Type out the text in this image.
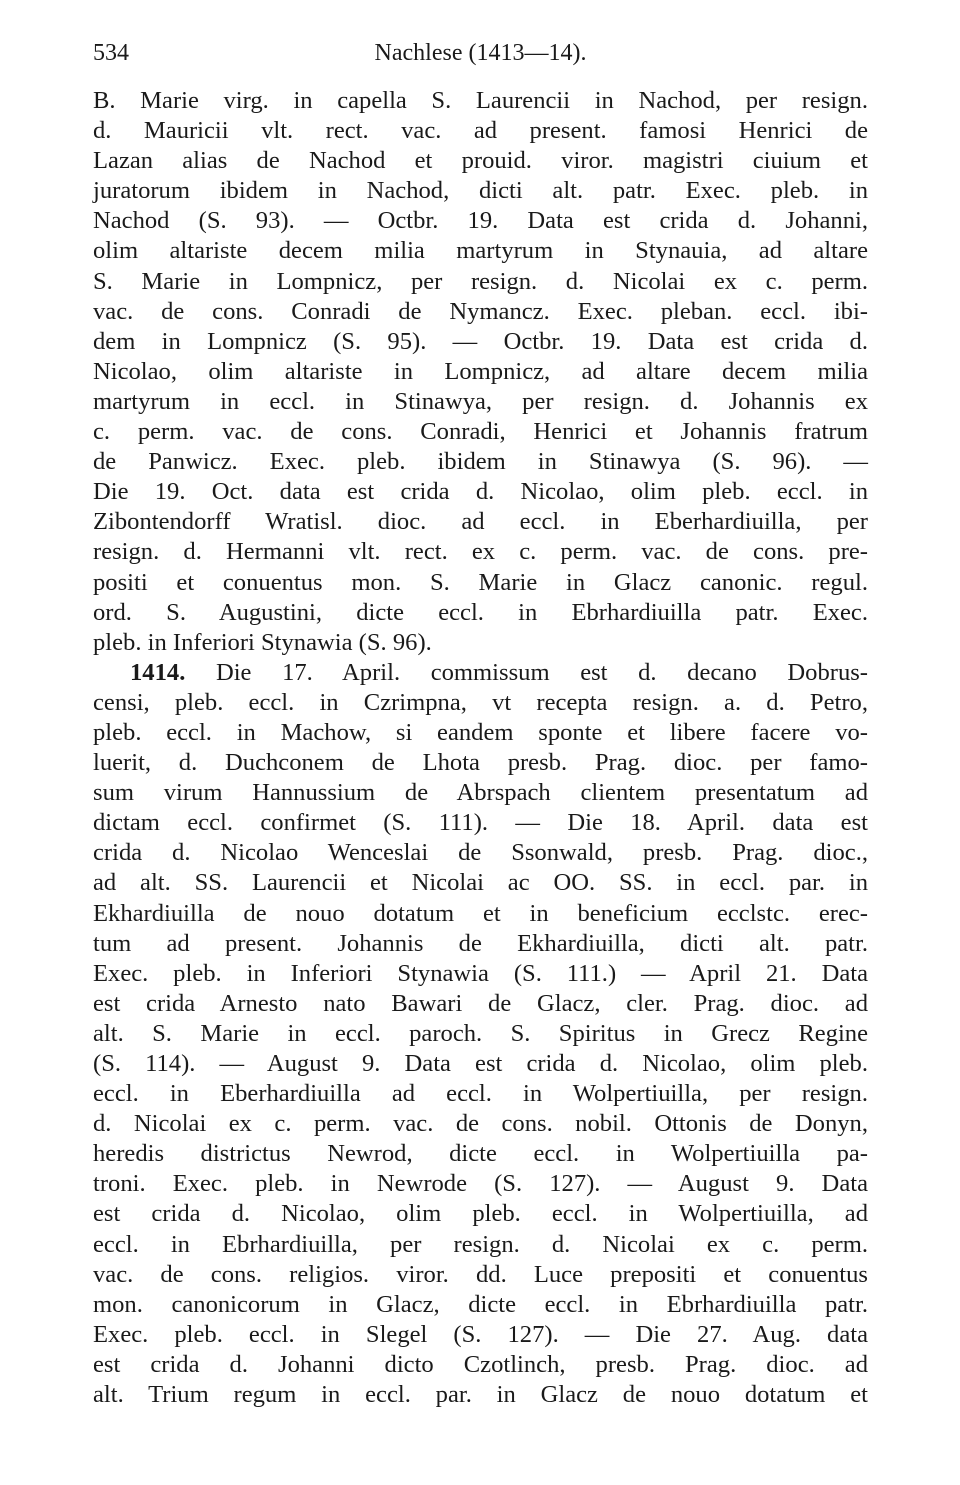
534	Nachlese (1413—14).
B. Marie virg. in capella S. Laurencii in Nachod, per resign.
d. Mauricii vlt. rect. vac. ad present. famosi Henrici de
Lazan alias de Nachod et prouid. viror. magistri ciuium et
juratorum ibidem in Nachod, dicti alt. patr. Exec. pleb. in
Nachod (S. 93). — Octbr. 19. Data est crida d. Johanni,
olim altariste decem milia martyrum in Stynauia, ad altare
S. Marie in Lompnicz, per resign. d. Nicolai ex c. perm.
vac. de cons. Conradi de Nymancz. Exec. pleban. eccl. ibi-
dem in Lompnicz (S. 95). — Octbr. 19. Data est crida d.
Nicolao, olim altariste in Lompnicz, ad altare decem milia
martyrum in eccl. in Stinawya, per resign. d. Johannis ex
c. perm. vac. de cons. Conradi, Henrici et Johannis fratrum
de Panwicz. Exec. pleb. ibidem in Stinawya (S. 96). —
Die 19. Oct. data est crida d. Nicolao, olim pleb. eccl. in
Zibontendorff Wratisl. dioc. ad eccl. in Eberhardiuilla, per
resign. d. Hermanni vlt. rect. ex c. perm. vac. de cons. pre-
positi et conuentus mon. S. Marie in Glacz canonic. regul.
ord. S. Augustini, dicte eccl. in Ebrhardiuilla patr. Exec.
pleb. in Inferiori Stynawia (S. 96).
1414. Die 17. April. commissum est d. decano Dobrus-
censi, pleb. eccl. in Czrimpna, vt recepta resign. a. d. Petro,
pleb. eccl. in Machow, si eandem sponte et libere facere vo-
luerit, d. Duchconem de Lhota presb. Prag. dioc. per famo-
sum virum Hannussium de Abrspach clientem presentatum ad
dictam eccl. confirmet (S. 111). — Die 18. April. data est
crida d. Nicolao Wenceslai de Ssonwald, presb. Prag. dioc.,
ad alt. SS. Laurencii et Nicolai ac OO. SS. in eccl. par. in
Ekhardiuilla de nouo dotatum et in beneficium ecclstc. erec-
tum ad present. Johannis de Ekhardiuilla, dicti alt. patr.
Exec. pleb. in Inferiori Stynawia (S. 111.) — April 21. Data
est crida Arnesto nato Bawari de Glacz, cler. Prag. dioc. ad
alt. S. Marie in eccl. paroch. S. Spiritus in Grecz Regine
(S. 114). — August 9. Data est crida d. Nicolao, olim pleb.
eccl. in Eberhardiuilla ad eccl. in Wolpertiuilla, per resign.
d. Nicolai ex c. perm. vac. de cons. nobil. Ottonis de Donyn,
heredis districtus Newrod, dicte eccl. in Wolpertiuilla pa-
troni. Exec. pleb. in Newrode (S. 127). — August 9. Data
est crida d. Nicolao, olim pleb. eccl. in Wolpertiuilla, ad
eccl. in Ebrhardiuilla, per resign. d. Nicolai ex c. perm.
vac. de cons. religios. viror. dd. Luce prepositi et conuentus
mon. canonicorum in Glacz, dicte eccl. in Ebrhardiuilla patr.
Exec. pleb. eccl. in Slegel (S. 127). — Die 27. Aug. data
est crida d. Johanni dicto Czotlinch, presb. Prag. dioc. ad
alt. Trium regum in eccl. par. in Glacz de nouo dotatum et
